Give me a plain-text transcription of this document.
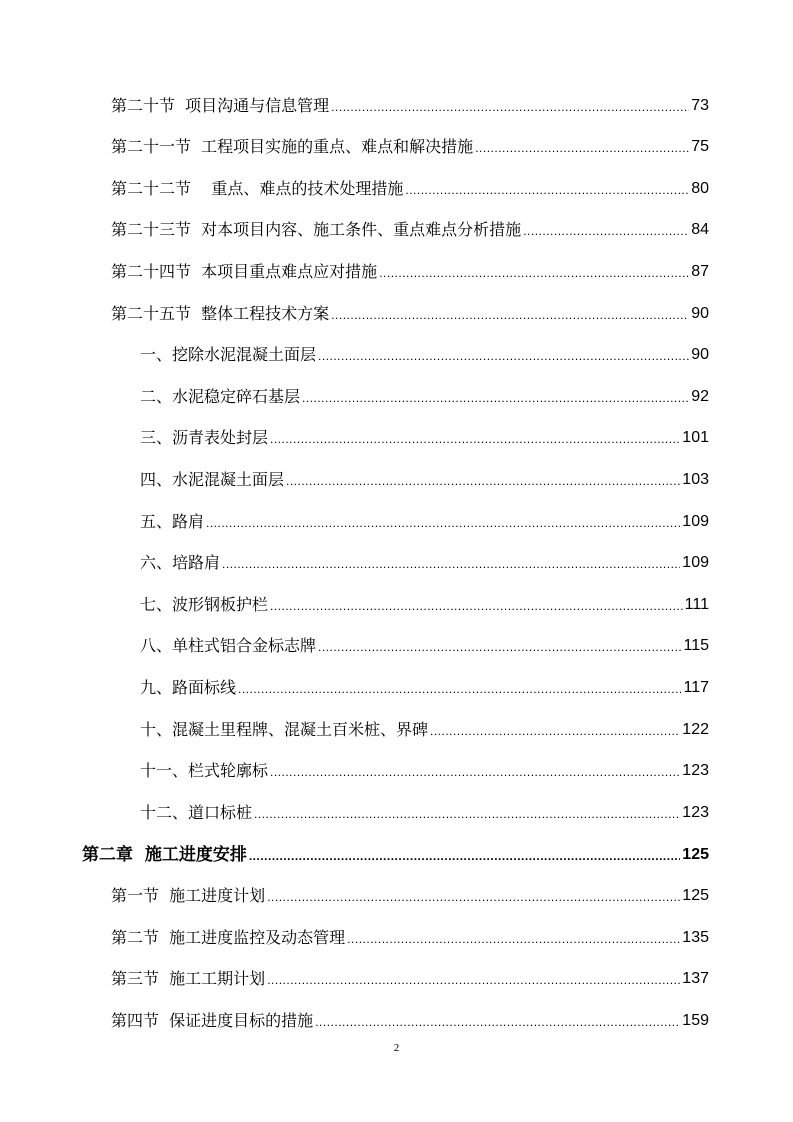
第二十节  项目沟通与信息管理 .....	73
第二十一节  工程项目实施的重点、难点和解决措施 .....	75
第二十二节    重点、难点的技术处理措施 .....	80
第二十三节  对本项目内容、施工条件、重点难点分析措施 .....	84
第二十四节  本项目重点难点应对措施 .....	87
第二十五节  整体工程技术方案 .....	90
一、挖除水泥混凝土面层 .....	90
二、水泥稳定碎石基层 .....	92
三、沥青表处封层 .....	101
四、水泥混凝土面层 .....	103
五、路肩 .....	109
六、培路肩 .....	109
七、波形钢板护栏 .....	111
八、单柱式铝合金标志牌 .....	115
九、路面标线 .....	117
十、混凝土里程牌、混凝土百米桩、界碑 .....	122
十一、栏式轮廓标 .....	123
十二、道口标桩 .....	123
第二章  施工进度安排 .....	125
第一节  施工进度计划 .....	125
第二节  施工进度监控及动态管理 .....	135
第三节  施工工期计划 .....	137
第四节  保证进度目标的措施 .....	159
2
